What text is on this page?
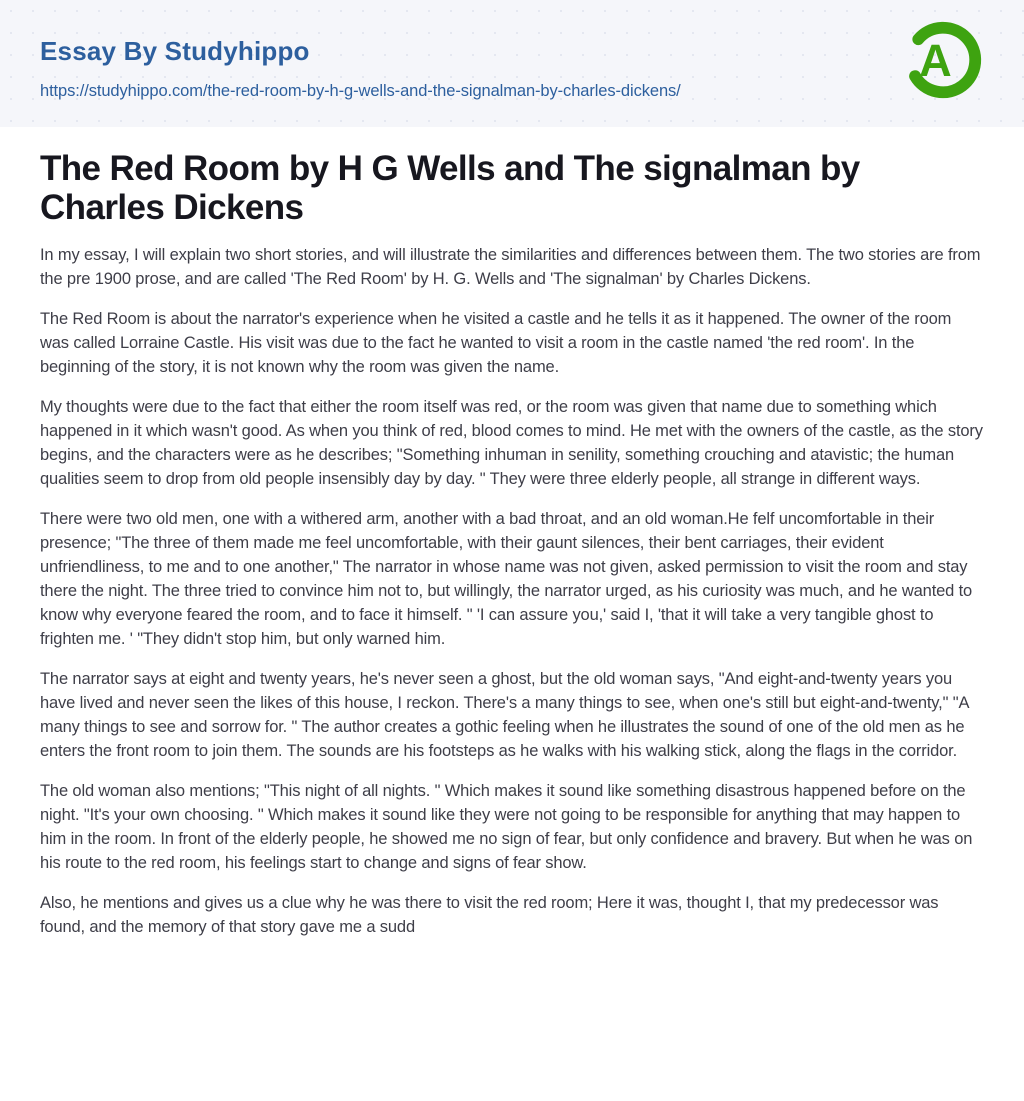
Essay By Studyhippo
https://studyhippo.com/the-red-room-by-h-g-wells-and-the-signalman-by-charles-dickens/
A
The Red Room by H G Wells and The signalman by Charles Dickens

In my essay, I will explain two short stories, and will illustrate the similarities and differences between them. The two stories are from the pre 1900 prose, and are called 'The Red Room' by H. G. Wells and 'The signalman' by Charles Dickens.

The Red Room is about the narrator's experience when he visited a castle and he tells it as it happened. The owner of the room was called Lorraine Castle. His visit was due to the fact he wanted to visit a room in the castle named 'the red room'. In the beginning of the story, it is not known why the room was given the name.

My thoughts were due to the fact that either the room itself was red, or the room was given that name due to something which happened in it which wasn't good. As when you think of red, blood comes to mind. He met with the owners of the castle, as the story begins, and the characters were as he describes; "Something inhuman in senility, something crouching and atavistic; the human qualities seem to drop from old people insensibly day by day. " They were three elderly people, all strange in different ways.

There were two old men, one with a withered arm, another with a bad throat, and an old woman.He felf uncomfortable in their presence; "The three of them made me feel uncomfortable, with their gaunt silences, their bent carriages, their evident unfriendliness, to me and to one another," The narrator in whose name was not given, asked permission to visit the room and stay there the night. The three tried to convince him not to, but willingly, the narrator urged, as his curiosity was much, and he wanted to know why everyone feared the room, and to face it himself. " 'I can assure you,' said I, 'that it will take a very tangible ghost to frighten me. ' "They didn't stop him, but only warned him.

The narrator says at eight and twenty years, he's never seen a ghost, but the old woman says, "And eight-and-twenty years you have lived and never seen the likes of this house, I reckon. There's a many things to see, when one's still but eight-and-twenty," "A many things to see and sorrow for. " The author creates a gothic feeling when he illustrates the sound of one of the old men as he enters the front room to join them. The sounds are his footsteps as he walks with his walking stick, along the flags in the corridor.

The old woman also mentions; "This night of all nights. " Which makes it sound like something disastrous happened before on the night. "It's your own choosing. " Which makes it sound like they were not going to be responsible for anything that may happen to him in the room. In front of the elderly people, he showed me no sign of fear, but only confidence and bravery. But when he was on his route to the red room, his feelings start to change and signs of fear show.

Also, he mentions and gives us a clue why he was there to visit the red room; Here it was, thought I, that my predecessor was found, and the memory of that story gave me a sudd
